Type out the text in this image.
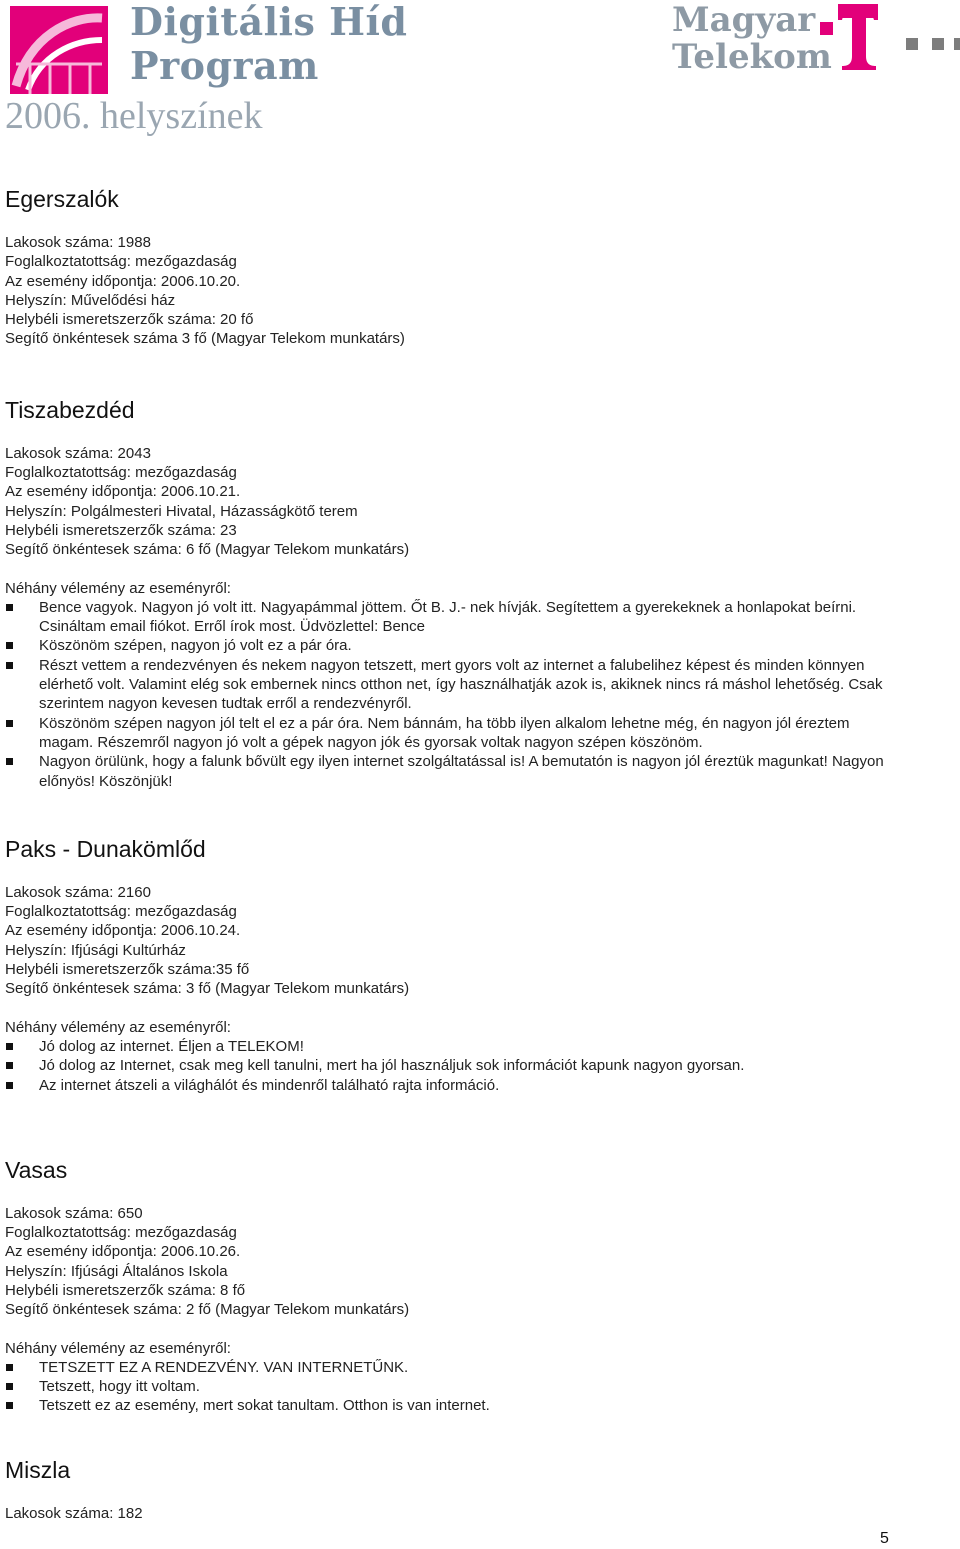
Digitális Híd
Program
Magyar
Telekom
2006. helyszínek
Egerszalók
Lakosok száma: 1988
Foglalkoztatottság: mezőgazdaság
Az esemény időpontja: 2006.10.20.
Helyszín: Művelődési ház
Helybéli ismeretszerzők száma: 20 fő
Segítő önkéntesek száma 3 fő (Magyar Telekom munkatárs)
Tiszabezdéd
Lakosok száma: 2043
Foglalkoztatottság: mezőgazdaság
Az esemény időpontja: 2006.10.21.
Helyszín: Polgálmesteri Hivatal, Házasságkötő terem
Helybéli ismeretszerzők száma: 23
Segítő önkéntesek száma: 6 fő (Magyar Telekom munkatárs)
Néhány vélemény az eseményről:
Bence vagyok. Nagyon jó volt itt. Nagyapámmal jöttem. Őt B. J.- nek hívják. Segítettem a gyerekeknek a honlapokat beírni. Csináltam email fiókot. Erről írok most. Üdvözlettel: Bence
Köszönöm szépen, nagyon jó volt ez a pár óra.
Részt vettem a rendezvényen és nekem nagyon tetszett, mert gyors volt az internet a falubelihez képest és minden könnyen elérhető volt. Valamint elég sok embernek nincs otthon net, így használhatják azok is, akiknek nincs rá máshol lehetőség. Csak szerintem nagyon kevesen tudtak erről a rendezvényről.
Köszönöm szépen nagyon jól telt el ez a pár óra. Nem bánnám, ha több ilyen alkalom lehetne még, én nagyon jól éreztem magam. Részemről nagyon jó volt a gépek nagyon jók és gyorsak voltak nagyon szépen köszönöm.
Nagyon örülünk, hogy a falunk bővült egy ilyen internet szolgáltatással is! A bemutatón is nagyon jól éreztük magunkat! Nagyon előnyös! Köszönjük!
Paks - Dunakömlőd
Lakosok száma: 2160
Foglalkoztatottság: mezőgazdaság
Az esemény időpontja: 2006.10.24.
Helyszín: Ifjúsági Kultúrház
Helybéli ismeretszerzők száma:35 fő
Segítő önkéntesek száma: 3 fő (Magyar Telekom munkatárs)
Néhány vélemény az eseményről:
Jó dolog az internet. Éljen a TELEKOM!
Jó dolog az Internet, csak meg kell tanulni, mert ha jól használjuk sok információt kapunk nagyon gyorsan.
Az internet átszeli a világhálót és mindenről található rajta információ.
Vasas
Lakosok száma: 650
Foglalkoztatottság: mezőgazdaság
Az esemény időpontja: 2006.10.26.
Helyszín: Ifjúsági Általános Iskola
Helybéli ismeretszerzők száma: 8 fő
Segítő önkéntesek száma: 2 fő (Magyar Telekom munkatárs)
Néhány vélemény az eseményről:
TETSZETT EZ A RENDEZVÉNY. VAN INTERNETŰNK.
Tetszett, hogy itt voltam.
Tetszett ez az esemény, mert sokat tanultam. Otthon is van internet.
Miszla
Lakosok száma: 182
5
